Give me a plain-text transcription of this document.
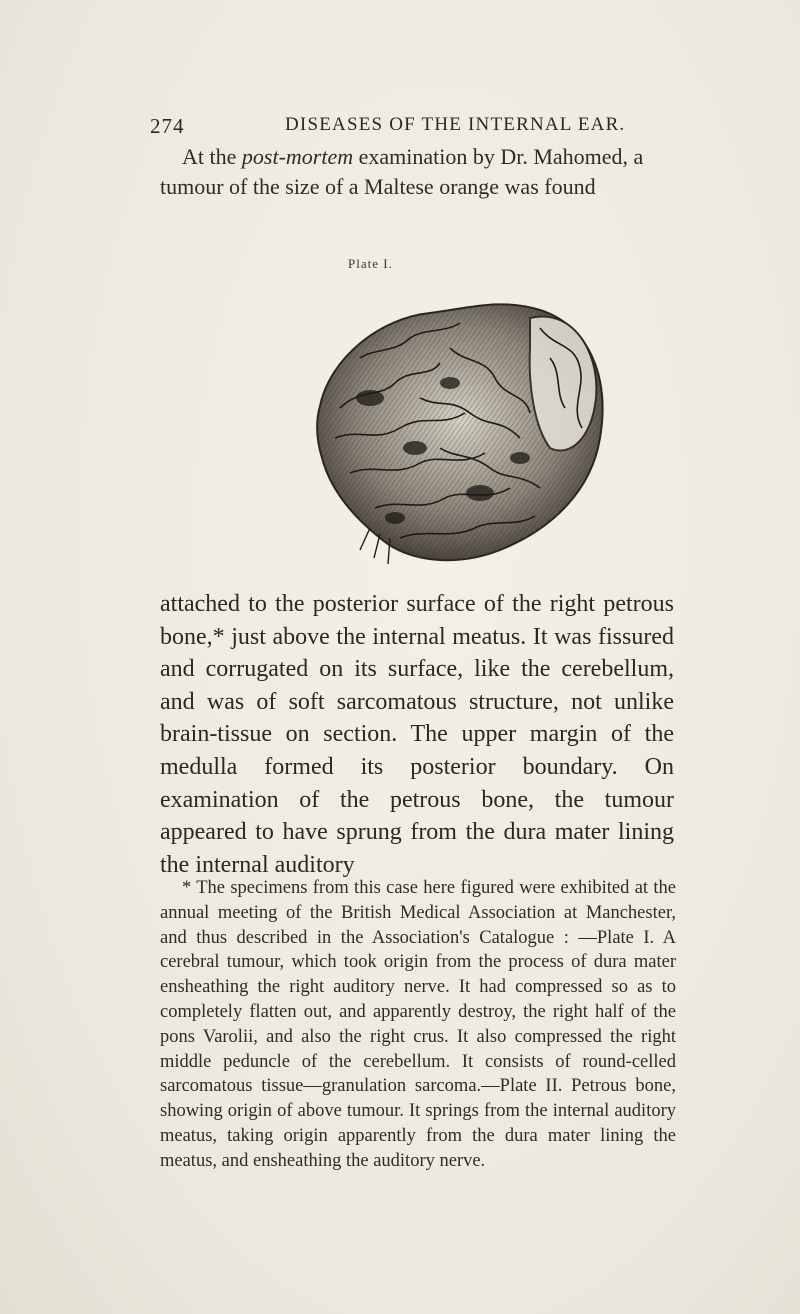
274	DISEASES OF THE INTERNAL EAR.

At the post-mortem examination by Dr. Mahomed, a tumour of the size of a Maltese orange was found

Plate I.

attached to the posterior surface of the right petrous bone,* just above the internal meatus. It was fissured and corrugated on its surface, like the cerebellum, and was of soft sarcomatous structure, not unlike brain-tissue on section. The upper margin of the medulla formed its posterior boundary. On examination of the petrous bone, the tumour appeared to have sprung from the dura mater lining the internal auditory

* The specimens from this case here figured were exhibited at the annual meeting of the British Medical Association at Manchester, and thus described in the Association's Catalogue : —Plate I. A cerebral tumour, which took origin from the process of dura mater ensheathing the right auditory nerve. It had compressed so as to completely flatten out, and apparently destroy, the right half of the pons Varolii, and also the right crus. It also compressed the right middle peduncle of the cerebellum. It consists of round-celled sarcomatous tissue—granulation sarcoma.—Plate II. Petrous bone, showing origin of above tumour. It springs from the internal auditory meatus, taking origin apparently from the dura mater lining the meatus, and ensheathing the auditory nerve.
